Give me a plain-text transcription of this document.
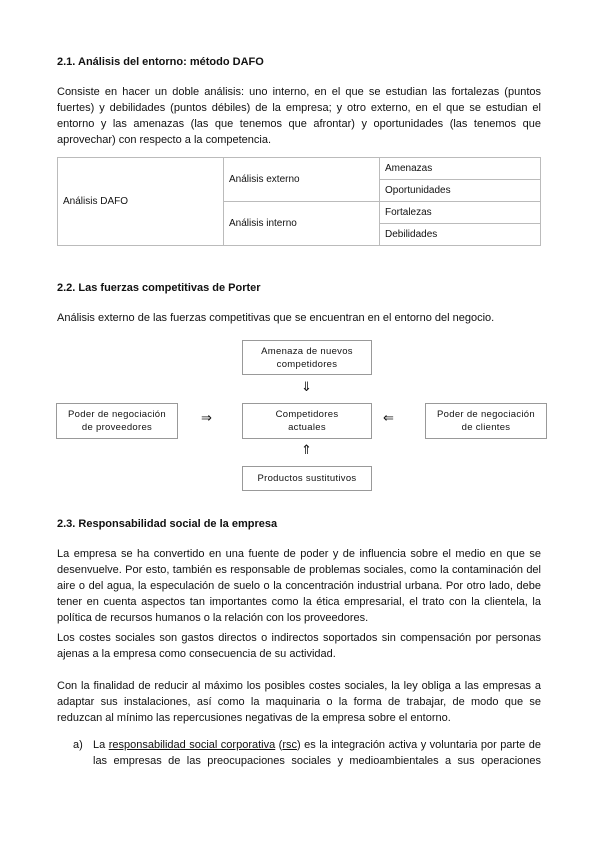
2.1. Análisis del entorno: método DAFO
Consiste en hacer un doble análisis: uno interno, en el que se estudian las fortalezas (puntos
fuertes) y debilidades (puntos débiles) de la empresa; y otro externo, en el que se estudian el
entorno y las amenazas (las que tenemos que afrontar) y oportunidades (las tenemos que
aprovechar) con respecto a la competencia.
Análisis DAFO	Análisis externo	Amenazas
		Oportunidades
	Análisis interno	Fortalezas
		Debilidades
2.2. Las fuerzas competitivas de Porter
Análisis externo de las fuerzas competitivas que se encuentran en el entorno del negocio.
Amenaza de nuevos
competidores
⇓
Poder de negociación
de proveedores
⇒	Competidores
actuales
⇐	Poder de negociación
de clientes
⇑
Productos sustitutivos
2.3. Responsabilidad social de la empresa
La empresa se ha convertido en una fuente de poder y de influencia sobre el medio en que se
desenvuelve. Por esto, también es responsable de problemas sociales, como la contaminación del
aire o del agua, la especulación de suelo o la concentración industrial urbana. Por otro lado, debe
tener en cuenta aspectos tan importantes como la ética empresarial, el trato con la clientela, la
política de recursos humanos o la relación con los proveedores.
Los costes sociales son gastos directos o indirectos soportados sin compensación por personas
ajenas a la empresa como consecuencia de su actividad.
Con la finalidad de reducir al máximo los posibles costes sociales, la ley obliga a las empresas a
adaptar sus instalaciones, así como la maquinaria o la forma de trabajar, de modo que se
reduzcan al mínimo las repercusiones negativas de la empresa sobre el entorno.
a) La responsabilidad social corporativa (rsc) es la integración activa y voluntaria por parte de
las empresas de las preocupaciones sociales y medioambientales a sus operaciones
